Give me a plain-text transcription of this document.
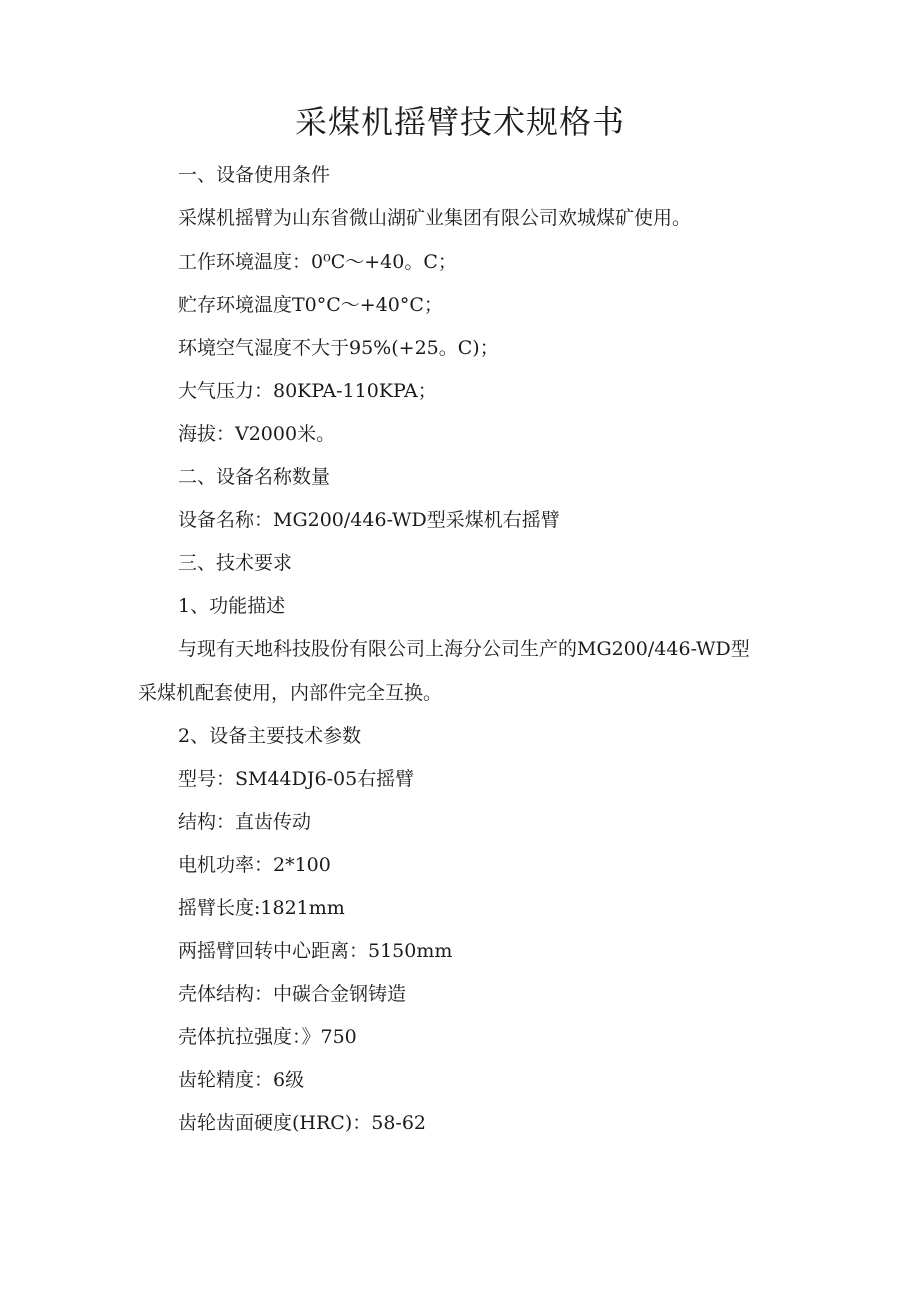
采煤机摇臂技术规格书

一、设备使用条件

采煤机摇臂为山东省微山湖矿业集团有限公司欢城煤矿使用。

工作环境温度：0⁰C～+40。C；

贮存环境温度T0°C～+40°C；

环境空气湿度不大于95%(+25。C)；

大气压力：80KPA-110KPA；

海拔：V2000米。

二、设备名称数量

设备名称：MG200/446-WD型采煤机右摇臂

三、技术要求

1、功能描述

与现有天地科技股份有限公司上海分公司生产的MG200/446-WD型

采煤机配套使用，内部件完全互换。

2、设备主要技术参数

型号：SM44DJ6-05右摇臂

结构：直齿传动

电机功率：2*100

摇臂长度:1821mm

两摇臂回转中心距离：5150mm

壳体结构：中碳合金钢铸造

壳体抗拉强度：》750

齿轮精度：6级

齿轮齿面硬度(HRC)：58-62
